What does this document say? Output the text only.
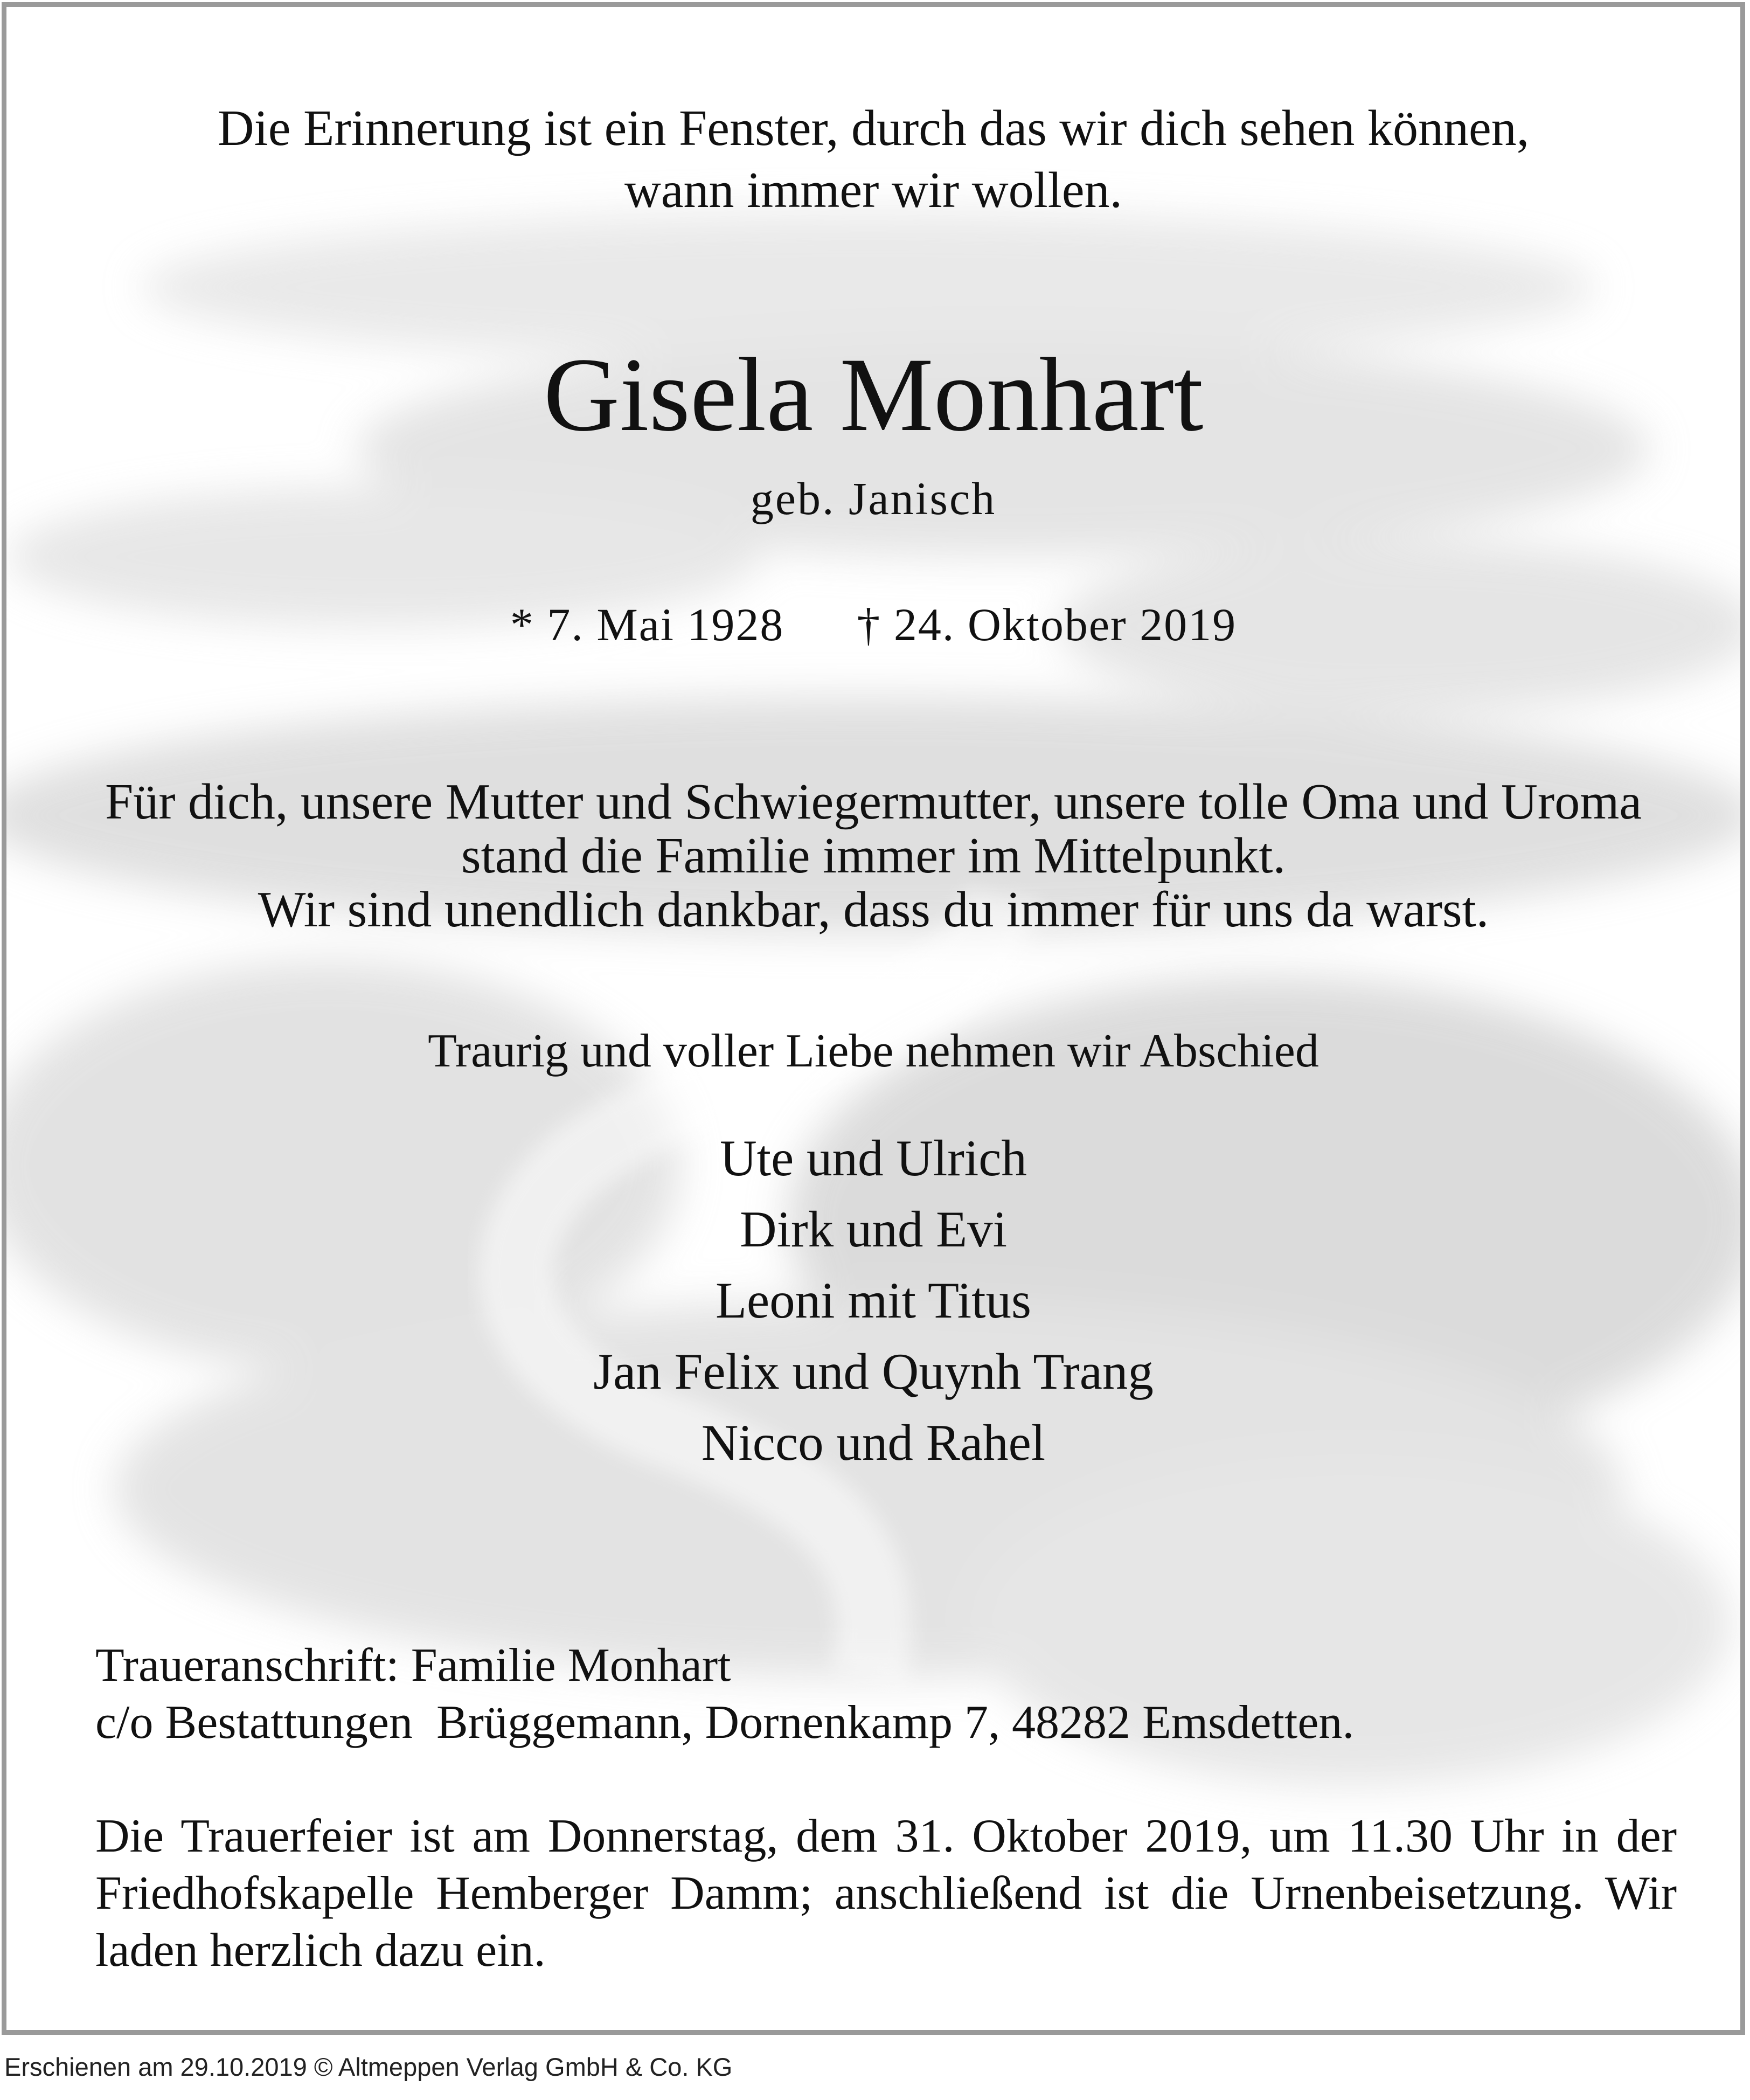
Die Erinnerung ist ein Fenster, durch das wir dich sehen können,
wann immer wir wollen.
Gisela Monhart
geb. Janisch
* 7. Mai 1928 † 24. Oktober 2019
Für dich, unsere Mutter und Schwiegermutter, unsere tolle Oma und Uroma
stand die Familie immer im Mittelpunkt.
Wir sind unendlich dankbar, dass du immer für uns da warst.
Traurig und voller Liebe nehmen wir Abschied
Ute und Ulrich
Dirk und Evi
Leoni mit Titus
Jan Felix und Quynh Trang
Nicco und Rahel
Traueranschrift: Familie Monhart
c/o Bestattungen  Brüggemann, Dornenkamp 7, 48282 Emsdetten.
Die Trauerfeier ist am Donnerstag, dem 31. Oktober 2019, um 11.30 Uhr in der Friedhofskapelle Hemberger Damm; anschließend ist die Urnenbeisetzung. Wir laden herzlich dazu ein.
Erschienen am 29.10.2019 © Altmeppen Verlag GmbH & Co. KG
